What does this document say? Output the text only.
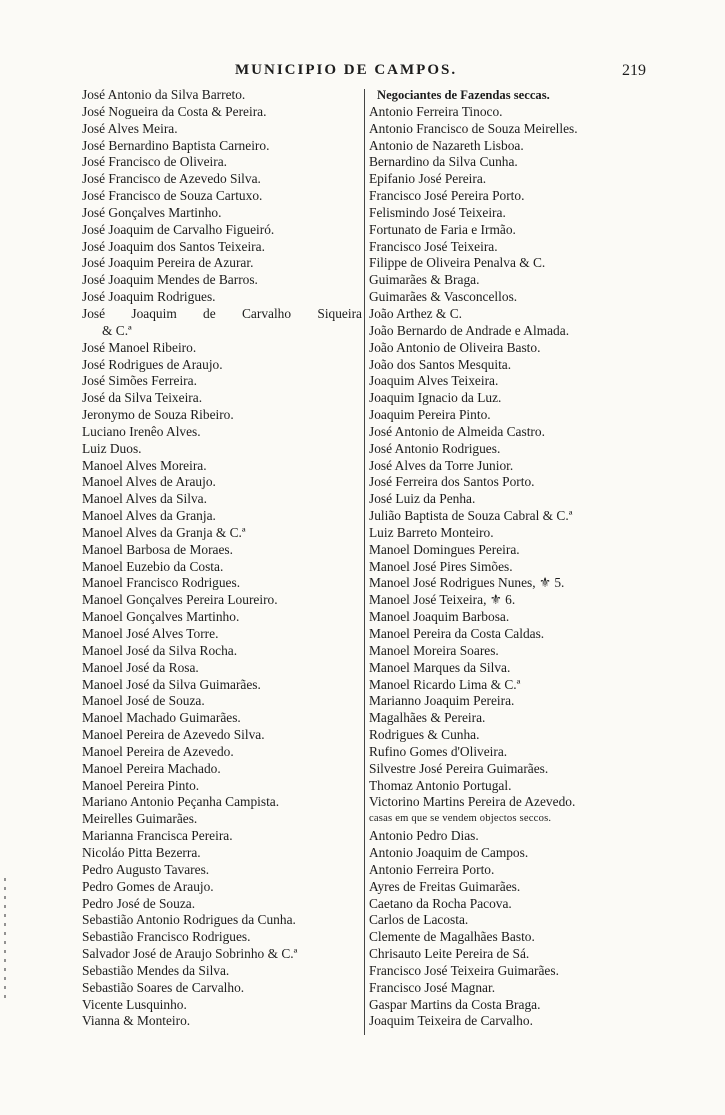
MUNICIPIO DE CAMPOS.	219
José Antonio da Silva Barreto.
José Nogueira da Costa & Pereira.
José Alves Meira.
José Bernardino Baptista Carneiro.
José Francisco de Oliveira.
José Francisco de Azevedo Silva.
José Francisco de Souza Cartuxo.
José Gonçalves Martinho.
José Joaquim de Carvalho Figueiró.
José Joaquim dos Santos Teixeira.
José Joaquim Pereira de Azurar.
José Joaquim Mendes de Barros.
José Joaquim Rodrigues.
José Joaquim de Carvalho Siqueira
& C.ª
José Manoel Ribeiro.
José Rodrigues de Araujo.
José Simões Ferreira.
José da Silva Teixeira.
Jeronymo de Souza Ribeiro.
Luciano Irenêo Alves.
Luiz Duos.
Manoel Alves Moreira.
Manoel Alves de Araujo.
Manoel Alves da Silva.
Manoel Alves da Granja.
Manoel Alves da Granja & C.ª
Manoel Barbosa de Moraes.
Manoel Euzebio da Costa.
Manoel Francisco Rodrigues.
Manoel Gonçalves Pereira Loureiro.
Manoel Gonçalves Martinho.
Manoel José Alves Torre.
Manoel José da Silva Rocha.
Manoel José da Rosa.
Manoel José da Silva Guimarães.
Manoel José de Souza.
Manoel Machado Guimarães.
Manoel Pereira de Azevedo Silva.
Manoel Pereira de Azevedo.
Manoel Pereira Machado.
Manoel Pereira Pinto.
Mariano Antonio Peçanha Campista.
Meirelles Guimarães.
Marianna Francisca Pereira.
Nicoláo Pitta Bezerra.
Pedro Augusto Tavares.
Pedro Gomes de Araujo.
Pedro José de Souza.
Sebastião Antonio Rodrigues da Cunha.
Sebastião Francisco Rodrigues.
Salvador José de Araujo Sobrinho & C.ª
Sebastião Mendes da Silva.
Sebastião Soares de Carvalho.
Vicente Lusquinho.
Vianna & Monteiro.
Negociantes de Fazendas seccas.
Antonio Ferreira Tinoco.
Antonio Francisco de Souza Meirelles.
Antonio de Nazareth Lisboa.
Bernardino da Silva Cunha.
Epifanio José Pereira.
Francisco José Pereira Porto.
Felismindo José Teixeira.
Fortunato de Faria e Irmão.
Francisco José Teixeira.
Filippe de Oliveira Penalva & C.
Guimarães & Braga.
Guimarães & Vasconcellos.
João Arthez & C.
João Bernardo de Andrade e Almada.
João Antonio de Oliveira Basto.
João dos Santos Mesquita.
Joaquim Alves Teixeira.
Joaquim Ignacio da Luz.
Joaquim Pereira Pinto.
José Antonio de Almeida Castro.
José Antonio Rodrigues.
José Alves da Torre Junior.
José Ferreira dos Santos Porto.
José Luiz da Penha.
Julião Baptista de Souza Cabral & C.ª
Luiz Barreto Monteiro.
Manoel Domingues Pereira.
Manoel José Pires Simões.
Manoel José Rodrigues Nunes, ⚜ 5.
Manoel José Teixeira, ⚜ 6.
Manoel Joaquim Barbosa.
Manoel Pereira da Costa Caldas.
Manoel Moreira Soares.
Manoel Marques da Silva.
Manoel Ricardo Lima & C.ª
Marianno Joaquim Pereira.
Magalhães & Pereira.
Rodrigues & Cunha.
Rufino Gomes d'Oliveira.
Silvestre José Pereira Guimarães.
Thomaz Antonio Portugal.
Victorino Martins Pereira de Azevedo.
casas em que se vendem objectos seccos.
Antonio Pedro Dias.
Antonio Joaquim de Campos.
Antonio Ferreira Porto.
Ayres de Freitas Guimarães.
Caetano da Rocha Pacova.
Carlos de Lacosta.
Clemente de Magalhães Basto.
Chrisauto Leite Pereira de Sá.
Francisco José Teixeira Guimarães.
Francisco José Magnar.
Gaspar Martins da Costa Braga.
Joaquim Teixeira de Carvalho.
